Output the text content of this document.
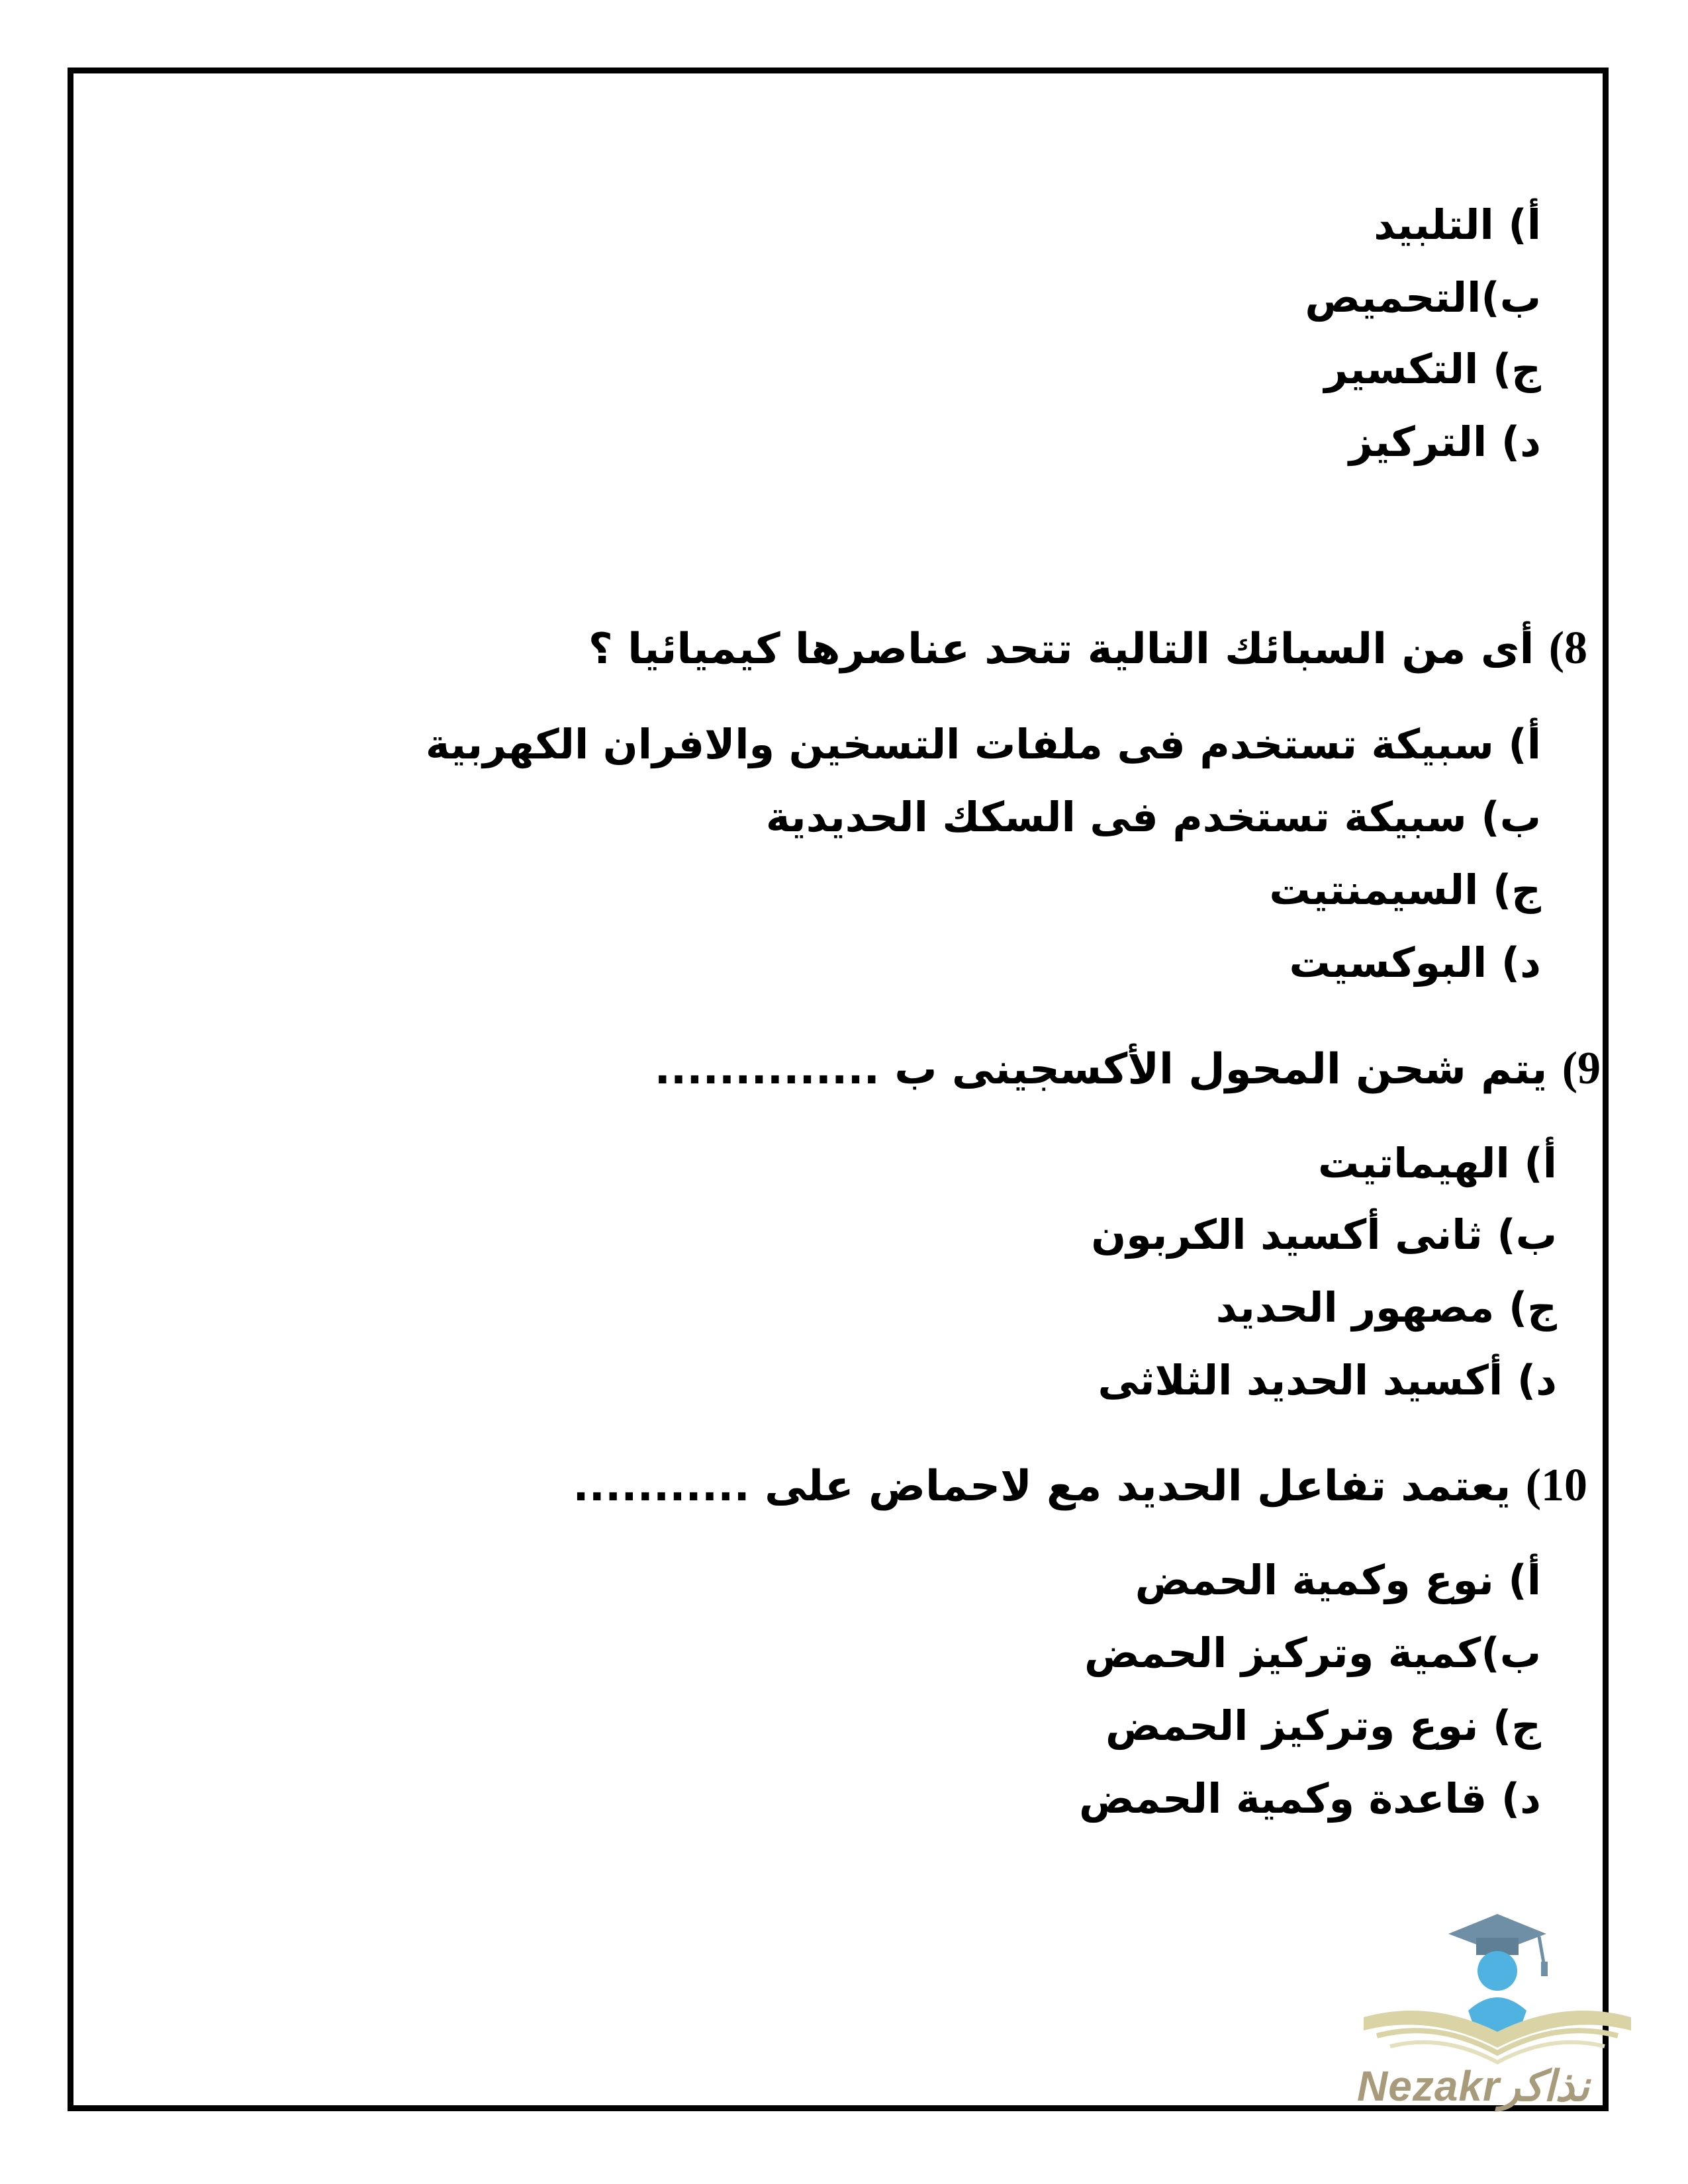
أ) التلبيد
ب)التحميص
ج) التكسير
د) التركيز
8) أى من السبائك التالية تتحد عناصرها كيميائيا ؟
أ) سبيكة تستخدم فى ملفات التسخين والافران الكهربية
ب) سبيكة تستخدم فى السكك الحديدية
ج) السيمنتيت
د) البوكسيت
9) يتم شحن المحول الأكسجينى ب ..............
أ) الهيماتيت
ب) ثانى أكسيد الكربون
ج) مصهور الحديد
د) أكسيد الحديد الثلاثى
10) يعتمد تفاعل الحديد مع لاحماض على ...........
أ) نوع وكمية الحمض
ب)كمية وتركيز الحمض
ج) نوع وتركيز الحمض
د) قاعدة وكمية الحمض
Nezakrنذاكر
